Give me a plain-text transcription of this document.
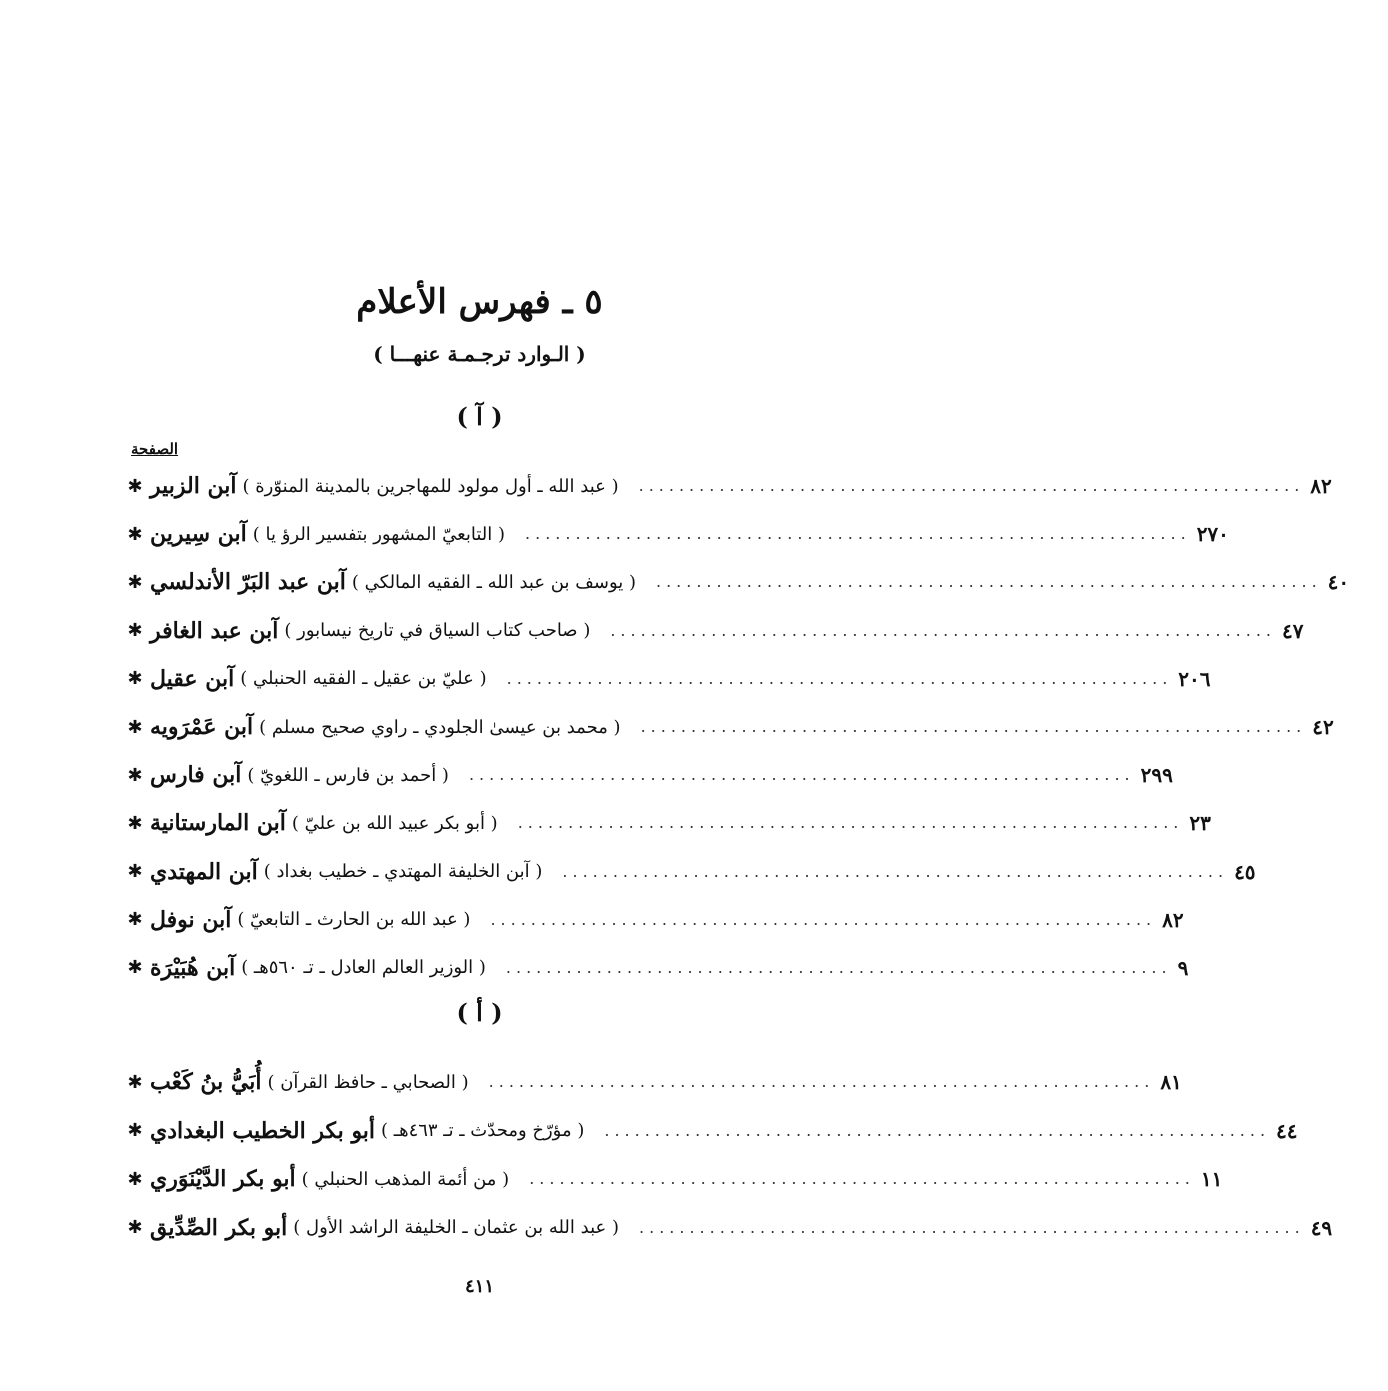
٥ ـ فهرس الأعلام
( الـوارد ترجـمـة عنهـــا )
( آ )
الصفحة
✱ آبن الزبير ( عبد الله ـ أول مولود للمهاجرين بالمدينة المنوّرة )	.................................................................. ٨٢
✱ آبن سِيرين ( التابعيّ المشهور بتفسير الرؤ يا )	.................................................................. ٢٧٠
✱ آبن عبد البَرّ الأندلسي ( يوسف بن عبد الله ـ الفقيه المالكي )	.................................................................. ٤٠
✱ آبن عبد الغافر ( صاحب كتاب السياق في تاريخ نيسابور )	.................................................................. ٤٧
✱ آبن عقيل ( عليّ بن عقيل ـ الفقيه الحنبلي )	.................................................................. ٢٠٦
✱ آبن عَمْرَويه ( محمد بن عيسىٰ الجلودي ـ راوي صحيح مسلم )	.................................................................. ٤٢
✱ آبن فارس ( أحمد بن فارس ـ اللغويّ )	.................................................................. ٢٩٩
✱ آبن المارستانية ( أبو بكر عبيد الله بن عليّ )	.................................................................. ٢٣
✱ آبن المهتدي ( آبن الخليفة المهتدي ـ خطيب بغداد )	.................................................................. ٤٥
✱ آبن نوفل ( عبد الله بن الحارث ـ التابعيّ )	.................................................................. ٨٢
✱ آبن هُبَيْرَة ( الوزير العالم العادل ـ تـ ٥٦٠هـ )	.................................................................. ٩
( أ )
✱ أُبَيُّ بنُ كَعْب ( الصحابي ـ حافظ القرآن )	.................................................................. ٨١
✱ أبو بكر الخطيب البغدادي ( مؤرّخ ومحدّث ـ تـ ٤٦٣هـ )	.................................................................. ٤٤
✱ أبو بكر الدَّيْنَوَري ( من أئمة المذهب الحنبلي )	.................................................................. ١١
✱ أبو بكر الصِّدِّيق ( عبد الله بن عثمان ـ الخليفة الراشد الأول )	.................................................................. ٤٩
٤١١
